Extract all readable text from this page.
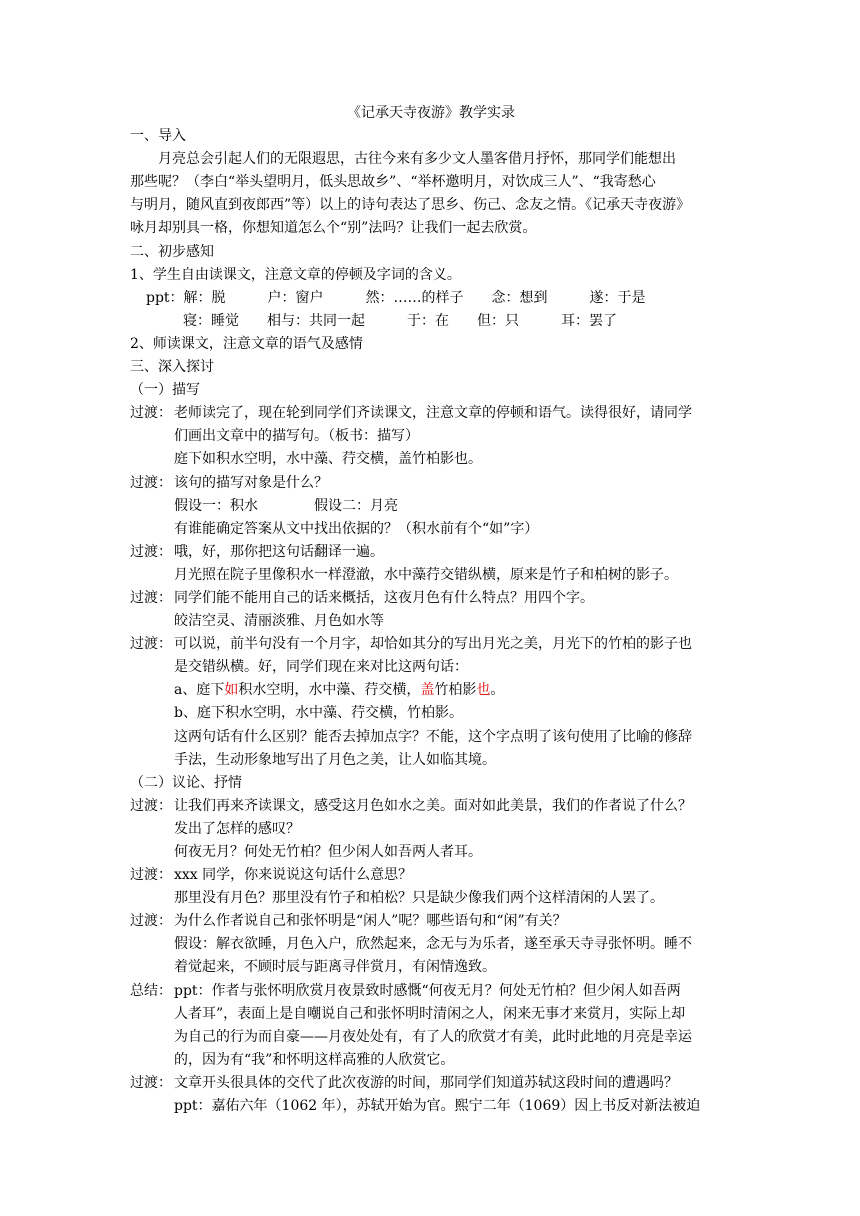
《记承天寺夜游》教学实录
一、导入
月亮总会引起人们的无限遐思，古往今来有多少文人墨客借月抒怀，那同学们能想出
那些呢？（李白“举头望明月，低头思故乡”、“举杯邀明月，对饮成三人”、“我寄愁心
与明月，随风直到夜郎西”等）以上的诗句表达了思乡、伤己、念友之情。《记承天寺夜游》
咏月却别具一格，你想知道怎么个“别”法吗？让我们一起去欣赏。
二、初步感知
1、学生自由读课文，注意文章的停顿及字词的含义。
ppt：解：脱　　　户：窗户　　　然：……的样子　　念：想到　　　遂：于是
寝：睡觉　　相与：共同一起　　　于：在　　但：只　　　耳：罢了
2、师读课文，注意文章的语气及感情
三、深入探讨
（一）描写
过渡： 老师读完了，现在轮到同学们齐读课文，注意文章的停顿和语气。读得很好，请同学
们画出文章中的描写句。（板书：描写）
庭下如积水空明，水中藻、荇交横，盖竹柏影也。
过渡： 该句的描写对象是什么？
假设一：积水　　　　假设二：月亮
有谁能确定答案从文中找出依据的？（积水前有个“如”字）
过渡： 哦，好，那你把这句话翻译一遍。
月光照在院子里像积水一样澄澈，水中藻荇交错纵横，原来是竹子和柏树的影子。
过渡： 同学们能不能用自己的话来概括，这夜月色有什么特点？用四个字。
皎洁空灵、清丽淡雅、月色如水等
过渡： 可以说，前半句没有一个月字，却恰如其分的写出月光之美，月光下的竹柏的影子也
是交错纵横。好，同学们现在来对比这两句话：
a、庭下如积水空明，水中藻、荇交横，盖竹柏影也。
b、庭下积水空明，水中藻、荇交横，竹柏影。
这两句话有什么区别？能否去掉加点字？不能，这个字点明了该句使用了比喻的修辞
手法，生动形象地写出了月色之美，让人如临其境。
（二）议论、抒情
过渡： 让我们再来齐读课文，感受这月色如水之美。面对如此美景，我们的作者说了什么？
发出了怎样的感叹？
何夜无月？何处无竹柏？但少闲人如吾两人者耳。
过渡： xxx 同学，你来说说这句话什么意思？
那里没有月色？那里没有竹子和柏松？只是缺少像我们两个这样清闲的人罢了。
过渡： 为什么作者说自己和张怀明是“闲人”呢？哪些语句和“闲”有关？
假设：解衣欲睡，月色入户，欣然起来，念无与为乐者，遂至承天寺寻张怀明。睡不
着觉起来，不顾时辰与距离寻伴赏月，有闲情逸致。
总结： ppt：作者与张怀明欣赏月夜景致时感慨“何夜无月？何处无竹柏？但少闲人如吾两
人者耳”，表面上是自嘲说自己和张怀明时清闲之人，闲来无事才来赏月，实际上却
为自己的行为而自豪——月夜处处有，有了人的欣赏才有美，此时此地的月亮是幸运
的，因为有“我”和怀明这样高雅的人欣赏它。
过渡： 文章开头很具体的交代了此次夜游的时间，那同学们知道苏轼这段时间的遭遇吗？
ppt：嘉佑六年（1062 年），苏轼开始为官。熙宁二年（1069）因上书反对新法被迫
